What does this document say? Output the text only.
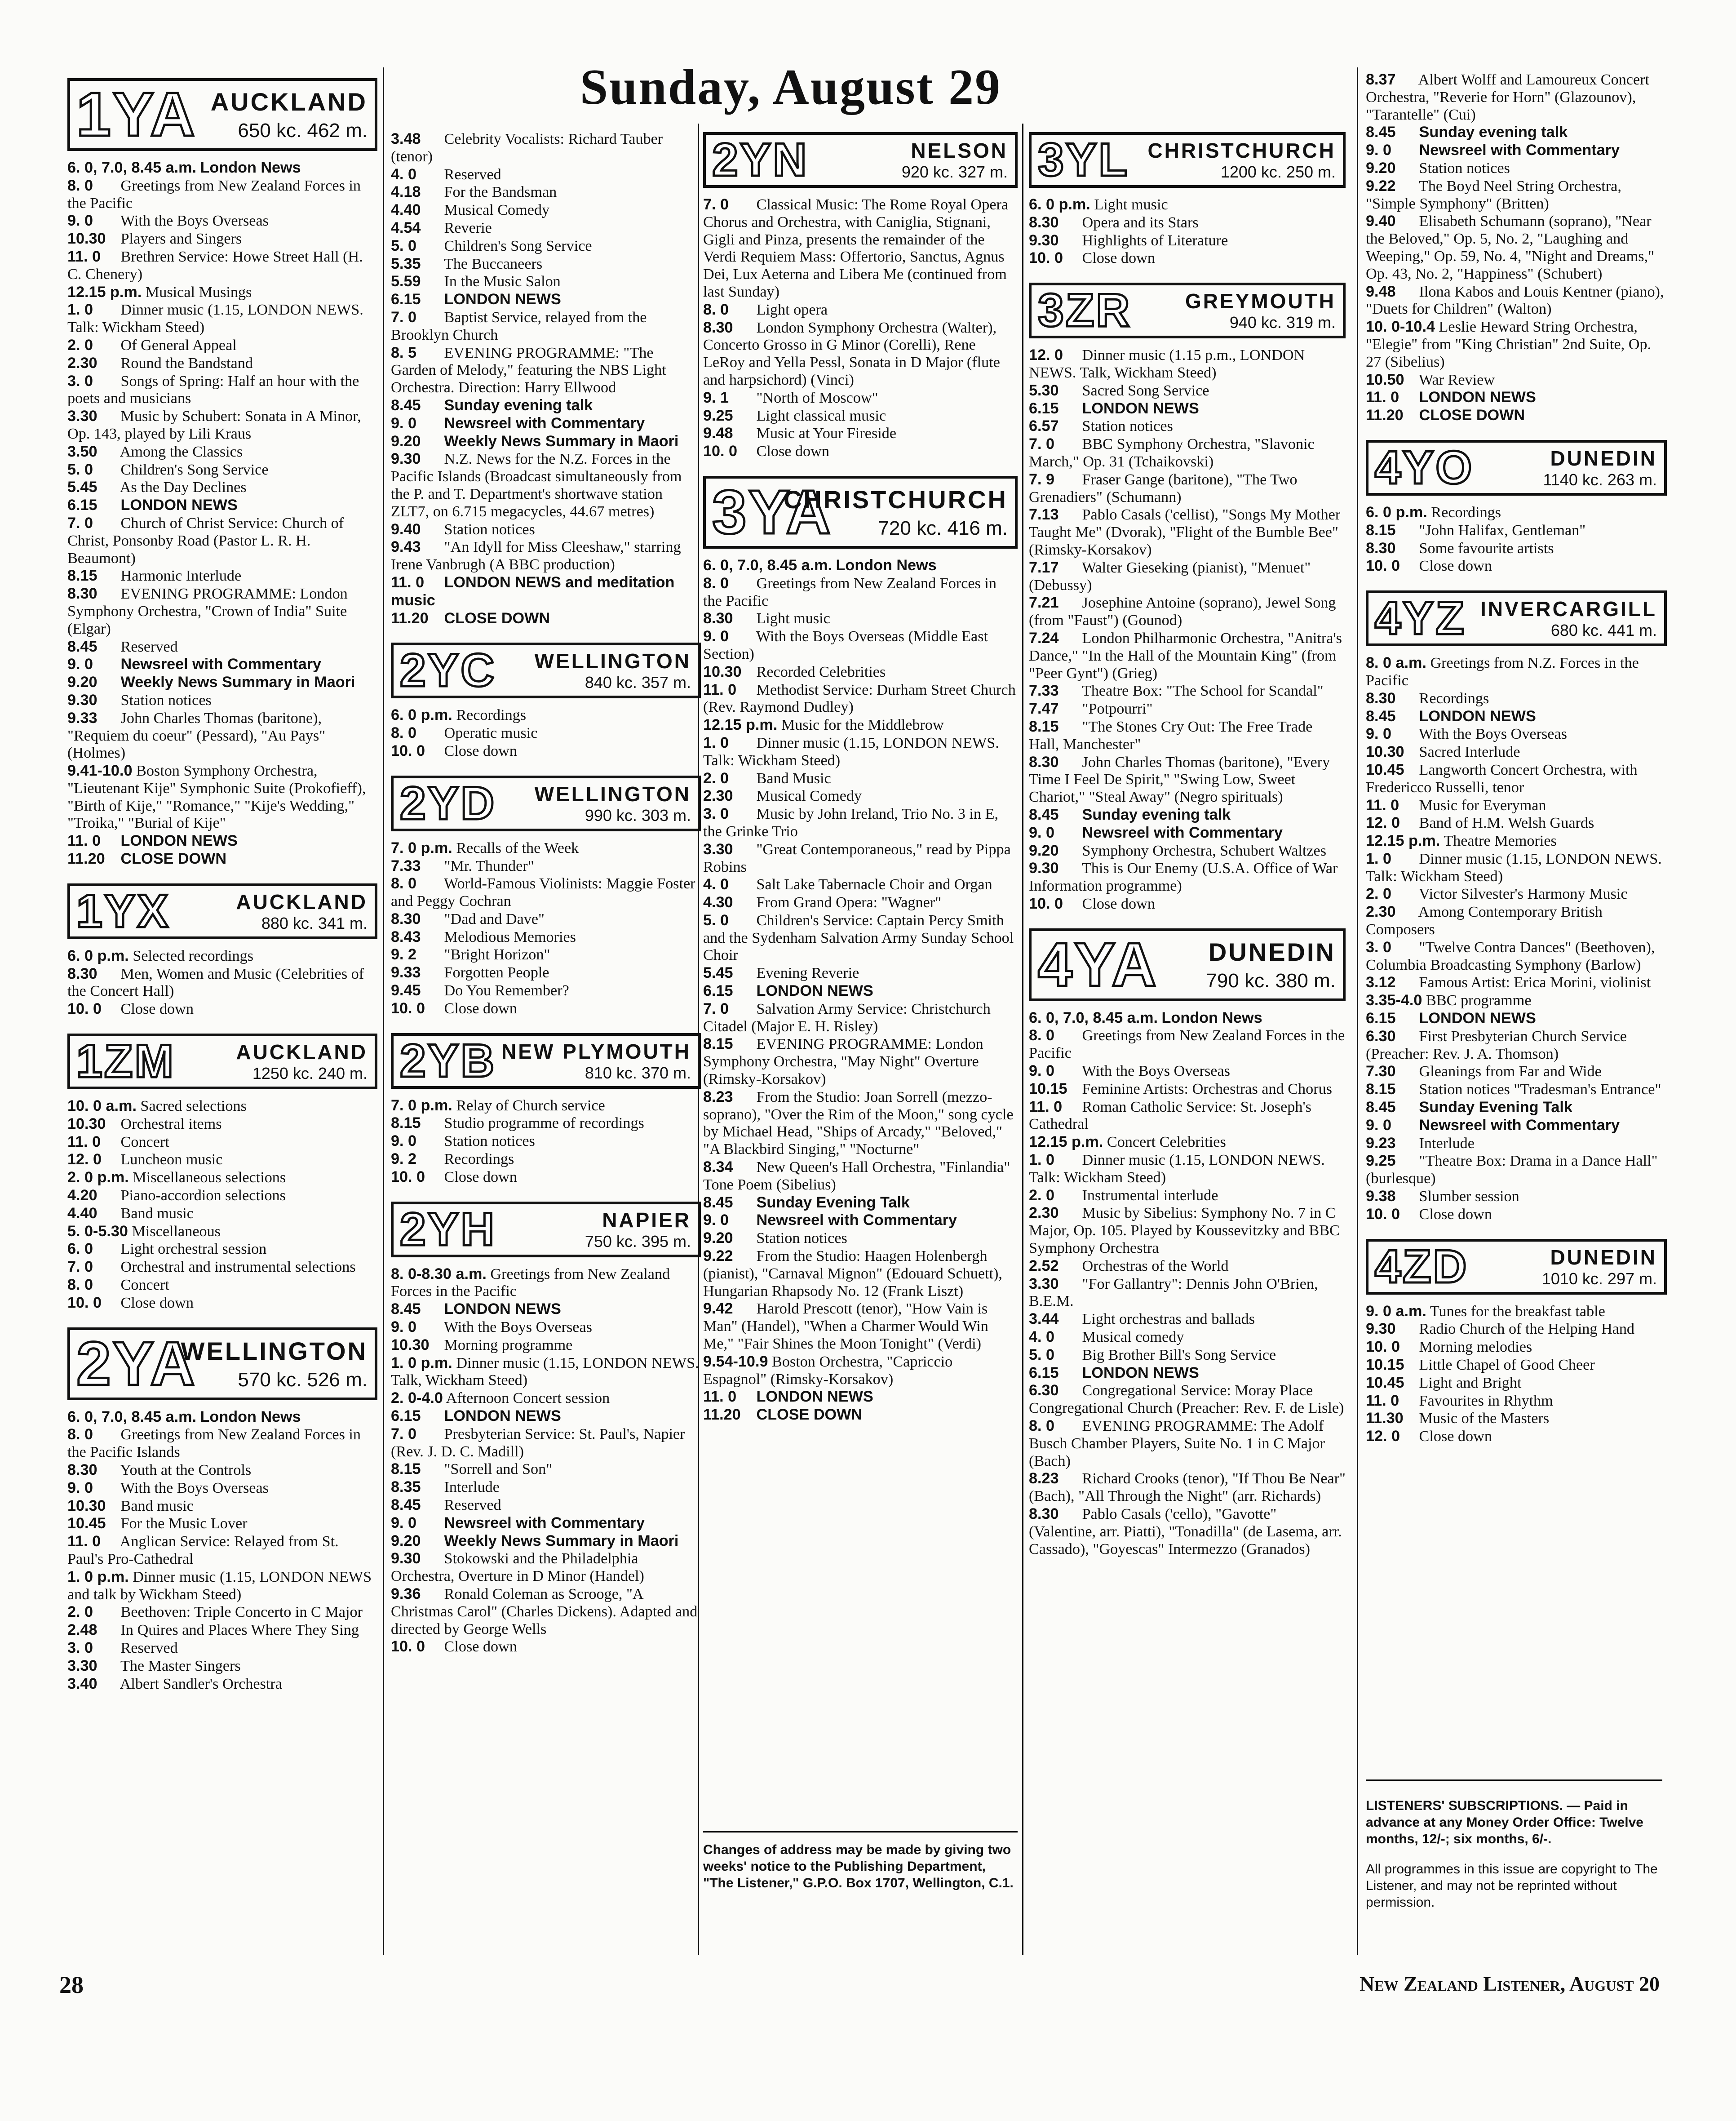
Sunday, August 29
1YA AUCKLAND
650 kc. 462 m.

6. 0, 7.0, 8.45 a.m. London News

8. 0 Greetings from New Zealand Forces in the Pacific

9. 0 With the Boys Overseas

10.30 Players and Singers

11. 0 Brethren Service: Howe Street Hall (H. C. Chenery)

12.15 p.m. Musical Musings

1. 0 Dinner music (1.15, LONDON NEWS. Talk: Wickham Steed)

2. 0 Of General Appeal

2.30 Round the Bandstand

3. 0 Songs of Spring: Half an hour with the poets and musicians

3.30 Music by Schubert: Sonata in A Minor, Op. 143, played by Lili Kraus

3.50 Among the Classics

5. 0 Children's Song Service

5.45 As the Day Declines

6.15 LONDON NEWS

7. 0 Church of Christ Service: Church of Christ, Ponsonby Road (Pastor L. R. H. Beaumont)

8.15 Harmonic Interlude

8.30 EVENING PROGRAMME: London Symphony Orchestra, "Crown of India" Suite (Elgar)

8.45 Reserved

9. 0 Newsreel with Commentary

9.20 Weekly News Summary in Maori

9.30 Station notices

9.33 John Charles Thomas (baritone), "Requiem du coeur" (Pessard), "Au Pays" (Holmes)

9.41-10.0 Boston Symphony Orchestra, "Lieutenant Kije" Symphonic Suite (Prokofieff), "Birth of Kije," "Romance," "Kije's Wedding," "Troika," "Burial of Kije"

11. 0 LONDON NEWS

11.20 CLOSE DOWN

1YX	AUCKLAND
880 kc. 341 m.

6. 0 p.m. Selected recordings

8.30 Men, Women and Music (Celebrities of the Concert Hall)

10. 0 Close down

1ZM	AUCKLAND
1250 kc. 240 m.

10. 0 a.m. Sacred selections

10.30 Orchestral items

11. 0 Concert

12. 0 Luncheon music

2. 0 p.m. Miscellaneous selections

4.20 Piano-accordion selections

4.40 Band music

5. 0-5.30 Miscellaneous

6. 0 Light orchestral session

7. 0 Orchestral and instrumental selections

8. 0 Concert

10. 0 Close down

2YA
WELLINGTON
570 kc. 526 m.

6. 0, 7.0, 8.45 a.m. London News

8. 0 Greetings from New Zealand Forces in the Pacific Islands

8.30 Youth at the Controls

9. 0 With the Boys Overseas

10.30 Band music

10.45 For the Music Lover

11. 0 Anglican Service: Relayed from St. Paul's Pro-Cathedral

1. 0 p.m. Dinner music (1.15, LONDON NEWS and talk by Wickham Steed)

2. 0 Beethoven: Triple Concerto in C Major

2.48 In Quires and Places Where They Sing

3. 0 Reserved

3.30 The Master Singers

3.40 Albert Sandler's Orchestra

3.48 Celebrity Vocalists: Richard Tauber (tenor)

4. 0 Reserved

4.18 For the Bandsman

4.40 Musical Comedy

4.54 Reverie

5. 0 Children's Song Service

5.35 The Buccaneers

5.59 In the Music Salon

6.15 LONDON NEWS

7. 0 Baptist Service, relayed from the Brooklyn Church

8. 5 EVENING PROGRAMME: "The Garden of Melody," featuring the NBS Light Orchestra. Direction: Harry Ellwood

8.45 Sunday evening talk

9. 0 Newsreel with Commentary

9.20 Weekly News Summary in Maori

9.30 N.Z. News for the N.Z. Forces in the Pacific Islands (Broadcast simultaneously from the P. and T. Department's shortwave station ZLT7, on 6.715 megacycles, 44.67 metres)

9.40 Station notices

9.43 "An Idyll for Miss Cleeshaw," starring Irene Vanbrugh (A BBC production)

11. 0 LONDON NEWS and meditation music

11.20 CLOSE DOWN

2YC WELLINGTON
840 kc. 357 m.

6. 0 p.m. Recordings

8. 0 Operatic music

10. 0 Close down

2YD WELLINGTON
990 kc. 303 m.

7. 0 p.m. Recalls of the Week

7.33 "Mr. Thunder"

8. 0 World-Famous Violinists: Maggie Foster and Peggy Cochran

8.30 "Dad and Dave"

8.43 Melodious Memories

9. 2 "Bright Horizon"

9.33 Forgotten People

9.45 Do You Remember?

10. 0 Close down

2YB NEW PLYMOUTH
810 kc. 370 m.

7. 0 p.m. Relay of Church service

8.15 Studio programme of recordings

9. 0 Station notices

9. 2 Recordings

10. 0 Close down

2YH	NAPIER
750 kc. 395 m.

8. 0-8.30 a.m. Greetings from New Zealand Forces in the Pacific

8.45 LONDON NEWS

9. 0 With the Boys Overseas

10.30 Morning programme

1. 0 p.m. Dinner music (1.15, LONDON NEWS. Talk, Wickham Steed)

2. 0-4.0 Afternoon Concert session

6.15 LONDON NEWS

7. 0 Presbyterian Service: St. Paul's, Napier (Rev. J. D. C. Madill)

8.15 "Sorrell and Son"

8.35 Interlude

8.45 Reserved

9. 0 Newsreel with Commentary

9.20 Weekly News Summary in Maori

9.30 Stokowski and the Philadelphia Orchestra, Overture in D Minor (Handel)

9.36 Ronald Coleman as Scrooge, "A Christmas Carol" (Charles Dickens). Adapted and directed by George Wells

10. 0 Close down

2YN	NELSON
920 kc. 327 m.

7. 0 Classical Music: The Rome Royal Opera Chorus and Orchestra, with Caniglia, Stignani, Gigli and Pinza, presents the remainder of the Verdi Requiem Mass: Offertorio, Sanctus, Agnus Dei, Lux Aeterna and Libera Me (continued from last Sunday)

8. 0 Light opera

8.30 London Symphony Orchestra (Walter), Concerto Grosso in G Minor (Corelli), Rene LeRoy and Yella Pessl, Sonata in D Major (flute and harpsichord) (Vinci)

9. 1 "North of Moscow"

9.25 Light classical music

9.48 Music at Your Fireside

10. 0 Close down

3YA
CHRISTCHURCH
720 kc. 416 m.

6. 0, 7.0, 8.45 a.m. London News

8. 0 Greetings from New Zealand Forces in the Pacific

8.30 Light music

9. 0 With the Boys Overseas (Middle East Section)

10.30 Recorded Celebrities

11. 0 Methodist Service: Durham Street Church (Rev. Raymond Dudley)

12.15 p.m. Music for the Middlebrow

1. 0 Dinner music (1.15, LONDON NEWS. Talk: Wickham Steed)

2. 0 Band Music

2.30 Musical Comedy

3. 0 Music by John Ireland, Trio No. 3 in E, the Grinke Trio

3.30 "Great Contemporaneous," read by Pippa Robins

4. 0 Salt Lake Tabernacle Choir and Organ

4.30 From Grand Opera: "Wagner"

5. 0 Children's Service: Captain Percy Smith and the Sydenham Salvation Army Sunday School Choir

5.45 Evening Reverie

6.15 LONDON NEWS

7. 0 Salvation Army Service: Christchurch Citadel (Major E. H. Risley)

8.15 EVENING PROGRAMME: London Symphony Orchestra, "May Night" Overture (Rimsky-Korsakov)

8.23 From the Studio: Joan Sorrell (mezzo-soprano), "Over the Rim of the Moon," song cycle by Michael Head, "Ships of Arcady," "Beloved," "A Blackbird Singing," "Nocturne"

8.34 New Queen's Hall Orchestra, "Finlandia" Tone Poem (Sibelius)

8.45 Sunday Evening Talk

9. 0 Newsreel with Commentary

9.20 Station notices

9.22 From the Studio: Haagen Holenbergh (pianist), "Carnaval Mignon" (Edouard Schuett), Hungarian Rhapsody No. 12 (Frank Liszt)

9.42 Harold Prescott (tenor), "How Vain is Man" (Handel), "When a Charmer Would Win Me," "Fair Shines the Moon Tonight" (Verdi)

9.54-10.9 Boston Orchestra, "Capriccio Espagnol" (Rimsky-Korsakov)

11. 0 LONDON NEWS

11.20 CLOSE DOWN

3YL CHRISTCHURCH
1200 kc. 250 m.

6. 0 p.m. Light music

8.30 Opera and its Stars

9.30 Highlights of Literature

10. 0 Close down

3ZR	GREYMOUTH
940 kc. 319 m.

12. 0 Dinner music (1.15 p.m., LONDON NEWS. Talk, Wickham Steed)

5.30 Sacred Song Service

6.15 LONDON NEWS

6.57 Station notices

7. 0 BBC Symphony Orchestra, "Slavonic March," Op. 31 (Tchaikovski)

7. 9 Fraser Gange (baritone), "The Two Grenadiers" (Schumann)

7.13 Pablo Casals ('cellist), "Songs My Mother Taught Me" (Dvorak), "Flight of the Bumble Bee" (Rimsky-Korsakov)

7.17 Walter Gieseking (pianist), "Menuet" (Debussy)

7.21 Josephine Antoine (soprano), Jewel Song (from "Faust") (Gounod)

7.24 London Philharmonic Orchestra, "Anitra's Dance," "In the Hall of the Mountain King" (from "Peer Gynt") (Grieg)

7.33 Theatre Box: "The School for Scandal"

7.47 "Potpourri"

8.15 "The Stones Cry Out: The Free Trade Hall, Manchester"

8.30 John Charles Thomas (baritone), "Every Time I Feel De Spirit," "Swing Low, Sweet Chariot," "Steal Away" (Negro spirituals)

8.45 Sunday evening talk

9. 0 Newsreel with Commentary

9.20 Symphony Orchestra, Schubert Waltzes

9.30 This is Our Enemy (U.S.A. Office of War Information programme)

10. 0 Close down

4YA DUNEDIN
790 kc. 380 m.

6. 0, 7.0, 8.45 a.m. London News

8. 0 Greetings from New Zealand Forces in the Pacific

9. 0 With the Boys Overseas

10.15 Feminine Artists: Orchestras and Chorus

11. 0 Roman Catholic Service: St. Joseph's Cathedral

12.15 p.m. Concert Celebrities

1. 0 Dinner music (1.15, LONDON NEWS. Talk: Wickham Steed)

2. 0 Instrumental interlude

2.30 Music by Sibelius: Symphony No. 7 in C Major, Op. 105. Played by Koussevitzky and BBC Symphony Orchestra

2.52 Orchestras of the World

3.30 "For Gallantry": Dennis John O'Brien, B.E.M.

3.44 Light orchestras and ballads

4. 0 Musical comedy

5. 0 Big Brother Bill's Song Service

6.15 LONDON NEWS

6.30 Congregational Service: Moray Place Congregational Church (Preacher: Rev. F. de Lisle)

8. 0 EVENING PROGRAMME: The Adolf Busch Chamber Players, Suite No. 1 in C Major (Bach)

8.23 Richard Crooks (tenor), "If Thou Be Near" (Bach), "All Through the Night" (arr. Richards)

8.30 Pablo Casals ('cello), "Gavotte" (Valentine, arr. Piatti), "Tonadilla" (de Lasema, arr. Cassado), "Goyescas" Intermezzo (Granados)

8.37 Albert Wolff and Lamoureux Concert Orchestra, "Reverie for Horn" (Glazounov), "Tarantelle" (Cui)

8.45 Sunday evening talk

9. 0 Newsreel with Commentary

9.20 Station notices

9.22 The Boyd Neel String Orchestra, "Simple Symphony" (Britten)

9.40 Elisabeth Schumann (soprano), "Near the Beloved," Op. 5, No. 2, "Laughing and Weeping," Op. 59, No. 4, "Night and Dreams," Op. 43, No. 2, "Happiness" (Schubert)

9.48 Ilona Kabos and Louis Kentner (piano), "Duets for Children" (Walton)

10. 0-10.4 Leslie Heward String Orchestra, "Elegie" from "King Christian" 2nd Suite, Op. 27 (Sibelius)

10.50 War Review

11. 0 LONDON NEWS

11.20 CLOSE DOWN

4YO	DUNEDIN
1140 kc. 263 m.

6. 0 p.m. Recordings

8.15 "John Halifax, Gentleman"

8.30 Some favourite artists

10. 0 Close down

4YZ INVERCARGILL
680 kc. 441 m.

8. 0 a.m. Greetings from N.Z. Forces in the Pacific

8.30 Recordings

8.45 LONDON NEWS

9. 0 With the Boys Overseas

10.30 Sacred Interlude

10.45 Langworth Concert Orchestra, with Fredericco Russelli, tenor

11. 0 Music for Everyman

12. 0 Band of H.M. Welsh Guards

12.15 p.m. Theatre Memories

1. 0 Dinner music (1.15, LONDON NEWS. Talk: Wickham Steed)

2. 0 Victor Silvester's Harmony Music

2.30 Among Contemporary British Composers

3. 0 "Twelve Contra Dances" (Beethoven), Columbia Broadcasting Symphony (Barlow)

3.12 Famous Artist: Erica Morini, violinist

3.35-4.0 BBC programme

6.15 LONDON NEWS

6.30 First Presbyterian Church Service (Preacher: Rev. J. A. Thomson)

7.30 Gleanings from Far and Wide

8.15 Station notices "Tradesman's Entrance"

8.45 Sunday Evening Talk

9. 0 Newsreel with Commentary

9.23 Interlude

9.25 "Theatre Box: Drama in a Dance Hall" (burlesque)

9.38 Slumber session

10. 0 Close down

4ZD	DUNEDIN
1010 kc. 297 m.

9. 0 a.m. Tunes for the breakfast table

9.30 Radio Church of the Helping Hand

10. 0 Morning melodies

10.15 Little Chapel of Good Cheer

10.45 Light and Bright

11. 0 Favourites in Rhythm

11.30 Music of the Masters

12. 0 Close down

Changes of address may be made by giving two weeks' notice to the Publishing Department, "The Listener," G.P.O. Box 1707, Wellington, C.1.

LISTENERS' SUBSCRIPTIONS. — Paid in advance at any Money Order Office: Twelve months, 12/-; six months, 6/-.

All programmes in this issue are copyright to The Listener, and may not be reprinted without permission.

28	New Zealand Listener, August 20
